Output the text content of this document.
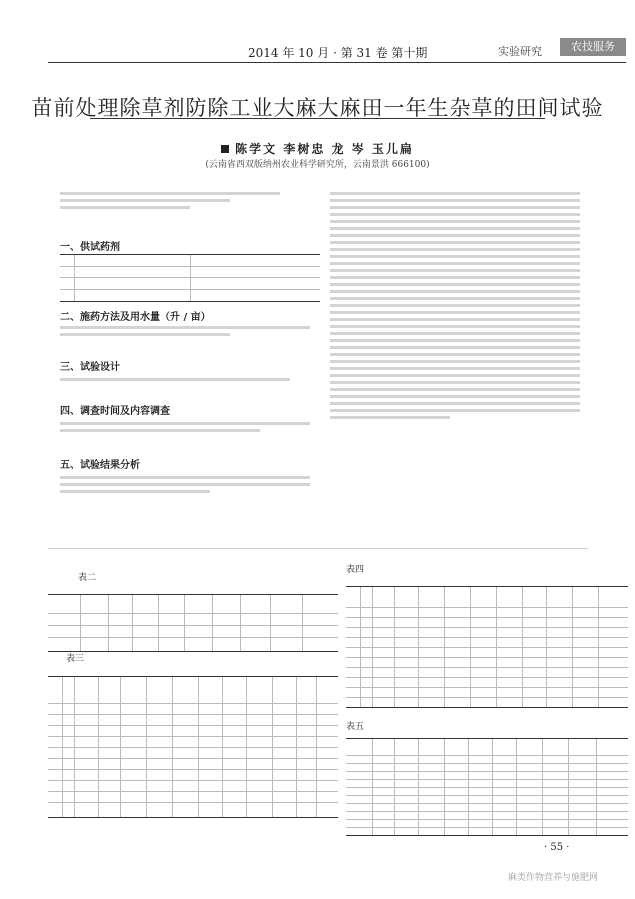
2014 年 10 月 · 第 31 卷 第十期	实验研究	农技服务
苗前处理除草剂防除工业大麻大麻田一年生杂草的田间试验
陈学文 李树忠 龙 岑 玉儿扁
(云南省西双版纳州农业科学研究所，云南景洪 666100)
一、供试药剂
二、施药方法及用水量（升 / 亩）
三、试验设计
四、调查时间及内容调查
五、试验结果分析
表二
表三
表四
表五
· 55 ·
麻类作物营养与施肥网
